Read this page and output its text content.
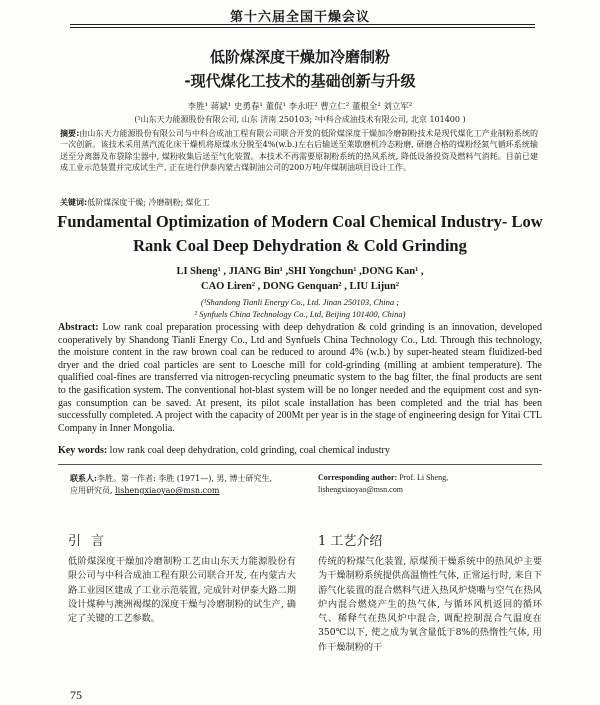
第十六届全国干燥会议
低阶煤深度干燥加冷磨制粉
-现代煤化工技术的基础创新与升级
李胜¹ 蒋斌¹ 史勇春¹ 董侃¹ 李永旺² 曹立仁² 董根全² 刘立军²
(¹山东天力能源股份有限公司, 山东 济南 250103; ²中科合成油技术有限公司, 北京 101400 )
摘要:由山东天力能源股份有限公司与中科合成油工程有限公司联合开发的低阶煤深度干燥加冷磨制粉技术是现代煤化工产业制粉系统的一次创新。该技术采用蒸汽流化床干燥机将原煤水分脱至4%(w.b.)左右后输送至莱歇磨机冷态粉磨, 研磨合格的煤粉经氮气循环系统输送至分离器及布袋除尘器中, 煤粉收集后送至气化装置。本技术不再需要原制粉系统的热风系统, 降低设备投资及燃料气消耗。目前已建成工业示范装置并完成试生产, 正在进行伊泰内蒙古煤制油公司的200万吨/年煤制油项目设计工作。
关键词:低阶煤深度干燥; 冷磨制粉; 煤化工
Fundamental Optimization of Modern Coal Chemical Industry- Low
Rank Coal Deep Dehydration & Cold Grinding
LI Sheng¹ , JIANG Bin¹ ,SHI Yongchun¹ ,DONG Kan¹ ,
CAO Liren² , DONG Genquan² , LIU Lijun²
(¹Shandong Tianli Energy Co., Ltd. Jinan 250103, China ;
² Synfuels China Technology Co., Ltd, Beijing 101400, China)
Abstract: Low rank coal preparation processing with deep dehydration & cold grinding is an innovation, developed cooperatively by Shandong Tianli Energy Co., Ltd and Synfuels China Technology Co., Ltd. Through this technology, the moisture content in the raw brown coal can be reduced to around 4% (w.b.) by super-heated steam fluidized-bed dryer and the dried coal particles are sent to Loesche mill for cold-grinding (milling at ambient temperature). The qualified coal-fines are transferred via nitrogen-recycling pneumatic system to the bag filter, the final products are sent to the gasification system. The conventional hot-blast system will be no longer needed and the equipment cost and syn-gas consumption can be saved. At present, its pilot scale installation has been completed and the trial has been successfully completed. A project with the capacity of 200Mt per year is in the stage of engineering design for Yitai CTL Company in Inner Mongolia.
Key words: low rank coal deep dehydration, cold grinding, coal chemical industry
联系人:李胜。第一作者: 李胜 (1971—), 男, 博士研究生, 应用研究员, lishengxiaoyao@msn.com
Corresponding author: Prof. Li Sheng,
lishengxiaoyao@msn.com
引言	1 工艺介绍
低阶煤深度干燥加冷磨制粉工艺由山东天力能源股份有限公司与中科合成油工程有限公司联合开发, 在内蒙古大路工业园区建成了工业示范装置, 完成针对伊泰大路二期设计煤种与澳洲褐煤的深度干燥与冷磨制粉的试生产, 确定了关键的工艺参数。
传统的粉煤气化装置, 原煤预干燥系统中的热风炉主要为干燥制粉系统提供高温惰性气体, 正常运行时, 来自下游气化装置的混合燃料气进入热风炉烧嘴与空气在热风炉内混合燃烧产生的热气体, 与循环风机返回的循环气、稀释气在热风炉中混合, 调配控制混合气温度在350℃以下, 使之成为氧含量低于8%的热惰性气体, 用作干燥制粉的干
75
